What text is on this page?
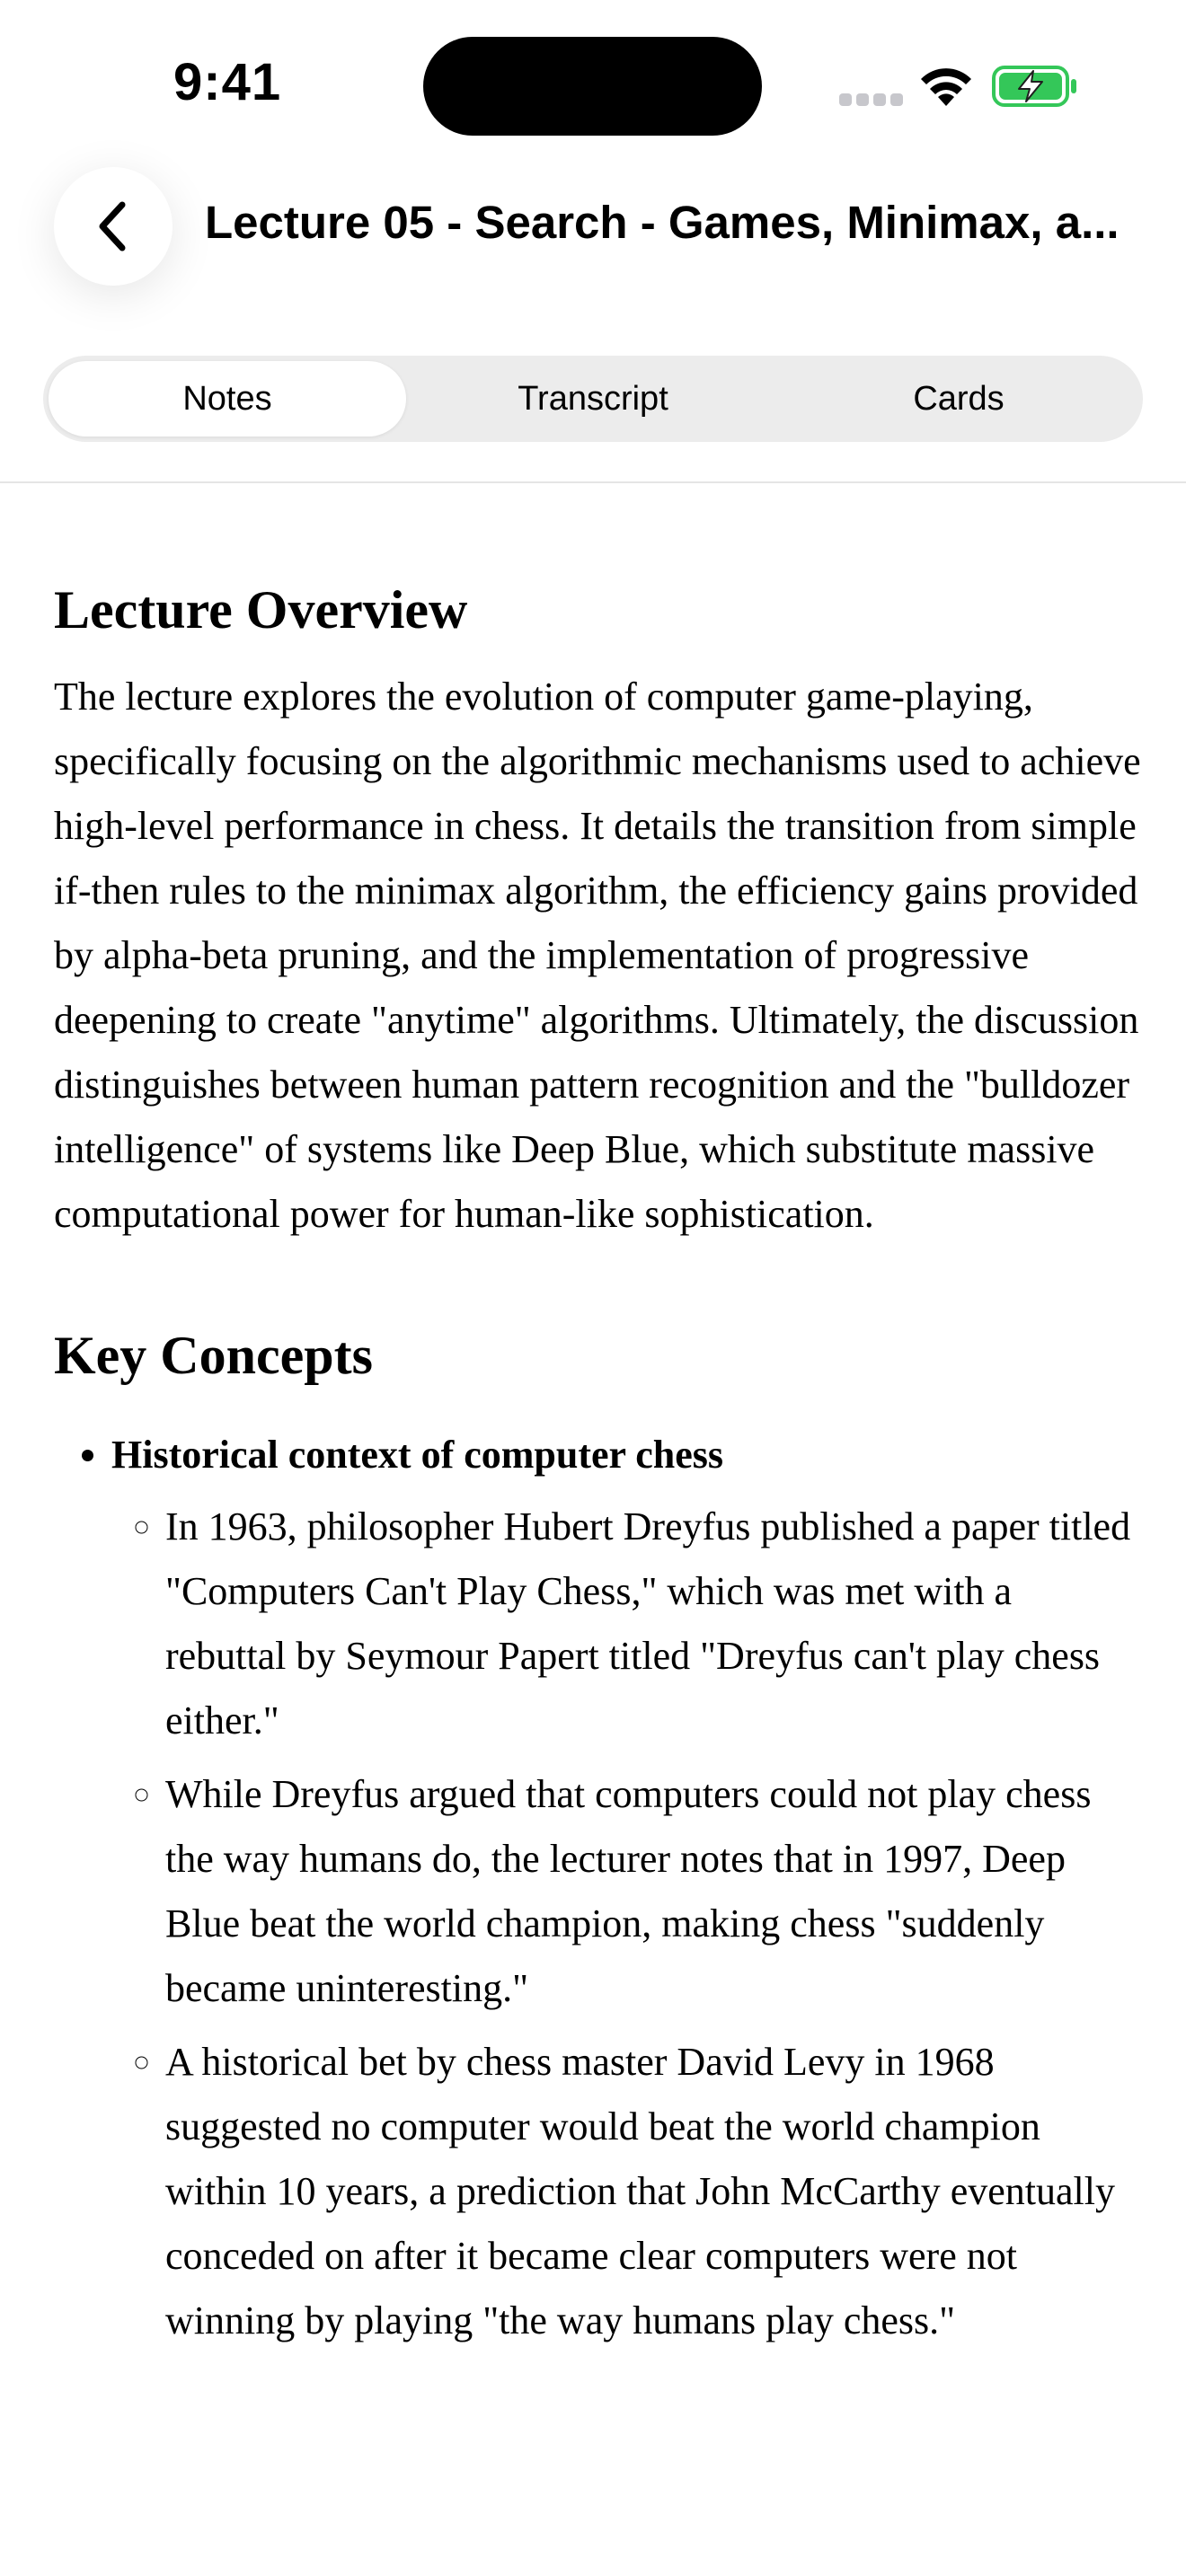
9:41
Lecture 05 - Search - Games, Minimax, a...
Notes	Transcript	Cards
Lecture Overview

The lecture explores the evolution of computer game-playing, specifically focusing on the algorithmic mechanisms used to achieve high-level performance in chess. It details the transition from simple if-then rules to the minimax algorithm, the efficiency gains provided by alpha-beta pruning, and the implementation of progressive deepening to create "anytime" algorithms. Ultimately, the discussion distinguishes between human pattern recognition and the "bulldozer intelligence" of systems like Deep Blue, which substitute massive computational power for human-like sophistication.

Key Concepts
• Historical context of computer chess
◦ In 1963, philosopher Hubert Dreyfus published a paper titled "Computers Can't Play Chess," which was met with a rebuttal by Seymour Papert titled "Dreyfus can't play chess either."
◦ While Dreyfus argued that computers could not play chess the way humans do, the lecturer notes that in 1997, Deep Blue beat the world champion, making chess "suddenly became uninteresting."
◦ A historical bet by chess master David Levy in 1968 suggested no computer would beat the world champion within 10 years, a prediction that John McCarthy eventually conceded on after it became clear computers were not winning by playing "the way humans play chess."
